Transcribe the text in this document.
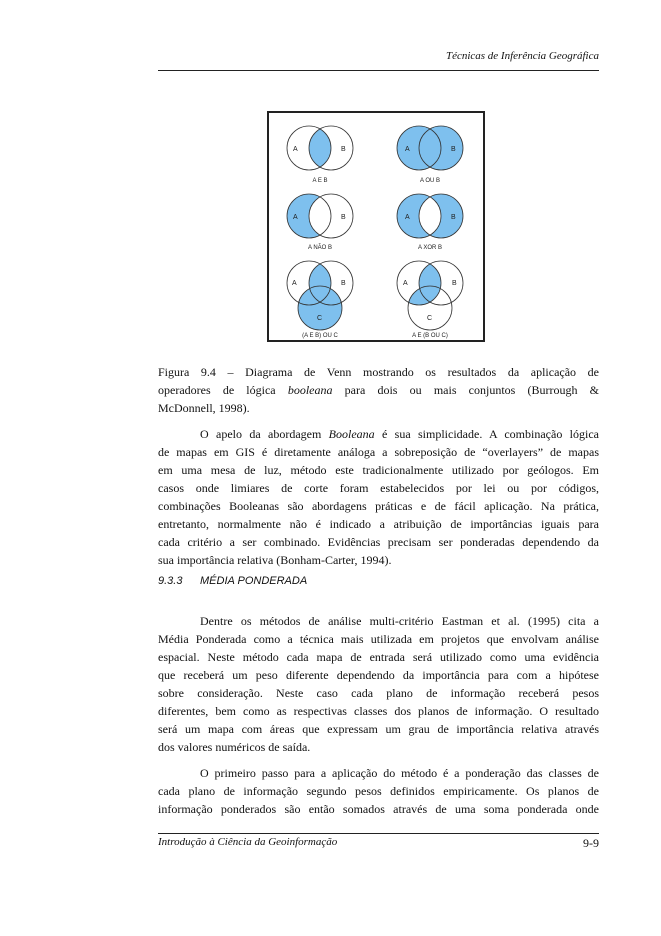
Técnicas de Inferência Geográfica
A	B
A E B
A	B
A OU B
A	B
A NÃO B
A	B
A XOR B
A	B
C
(A E B) OU C
A	B
C
A E (B OU C)
Figura 9.4 – Diagrama de Venn mostrando os resultados da aplicação de
operadores de lógica booleana para dois ou mais conjuntos (Burrough &
McDonnell, 1998).
O apelo da abordagem Booleana é sua simplicidade. A combinação lógica
de mapas em GIS é diretamente análoga a sobreposição de “overlayers” de mapas
em uma mesa de luz, método este tradicionalmente utilizado por geólogos. Em
casos onde limiares de corte foram estabelecidos por lei ou por códigos,
combinações Booleanas são abordagens práticas e de fácil aplicação. Na prática,
entretanto, normalmente não é indicado a atribuição de importâncias iguais para
cada critério a ser combinado. Evidências precisam ser ponderadas dependendo da
sua importância relativa (Bonham-Carter, 1994).
9.3.3 MÉDIA PONDERADA
Dentre os métodos de análise multi-critério Eastman et al. (1995) cita a
Média Ponderada como a técnica mais utilizada em projetos que envolvam análise
espacial. Neste método cada mapa de entrada será utilizado como uma evidência
que receberá um peso diferente dependendo da importância para com a hipótese
sobre consideração. Neste caso cada plano de informação receberá pesos
diferentes, bem como as respectivas classes dos planos de informação. O resultado
será um mapa com áreas que expressam um grau de importância relativa através
dos valores numéricos de saída.
O primeiro passo para a aplicação do método é a ponderação das classes de
cada plano de informação segundo pesos definidos empiricamente. Os planos de
informação ponderados são então somados através de uma soma ponderada onde
Introdução à Ciência da Geoinformação	9-9
